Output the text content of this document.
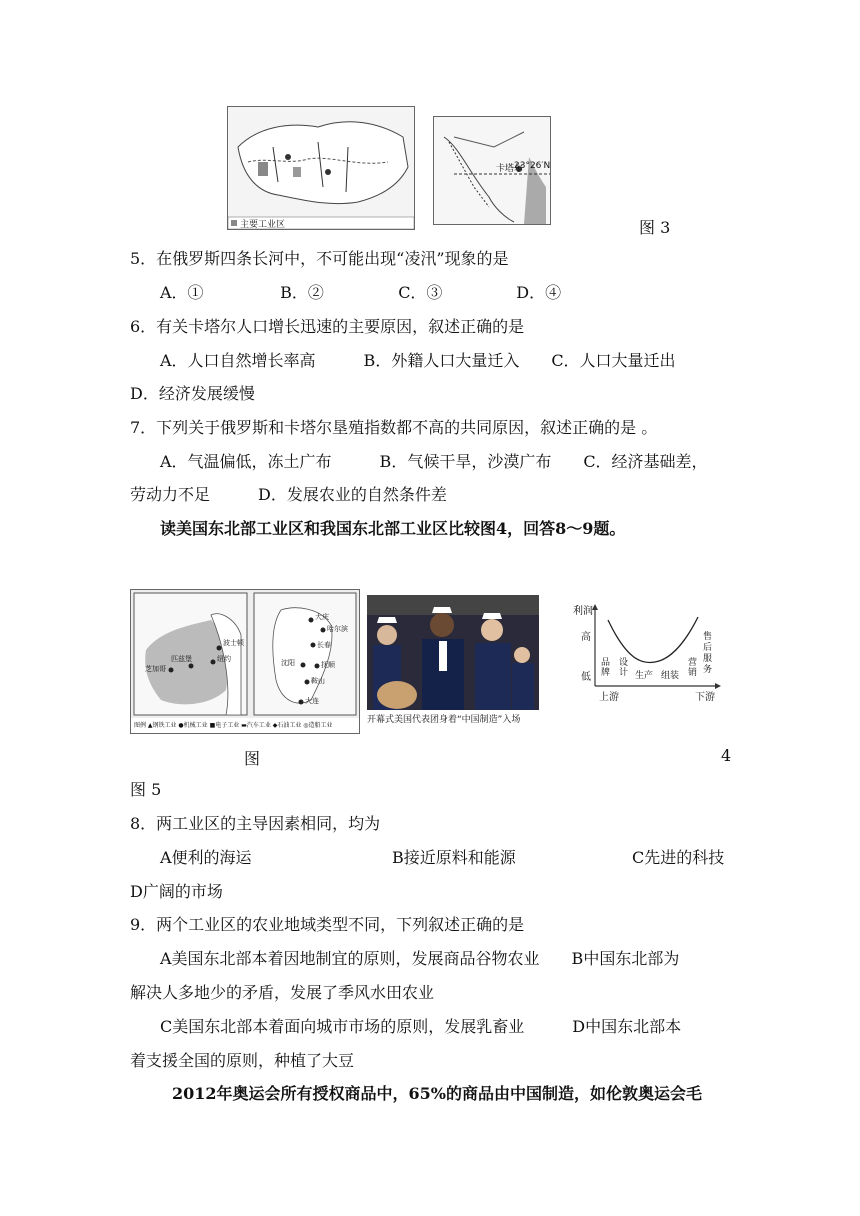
主要工业区
卡塔尔
23°26′N
图 3
5．在俄罗斯四条长河中，不可能出现“凌汛”现象的是
A．①	B．②	C．③	D．④
6．有关卡塔尔人口增长迅速的主要原因，叙述正确的是
A．人口自然增长率高　　　B．外籍人口大量迁入　　C．人口大量迁出
D．经济发展缓慢
7．下列关于俄罗斯和卡塔尔垦殖指数都不高的共同原因，叙述正确的是 。
A．气温偏低，冻土广布　　　B．气候干旱，沙漠广布　　C．经济基础差，
劳动力不足　　　D．发展农业的自然条件差
读美国东北部工业区和我国东北部工业区比较图4，回答8～9题。
波士顿
纽约
芝加哥
匹兹堡
大庆
哈尔滨
长春
沈阳	抚顺
鞍山
大连
图例 ▲钢铁工业 ●机械工业 ■电子工业 ▬汽车工业 ◆石油工业 ◎造船工业
开幕式美国代表团身着“中国制造”入场
利润
高
低
品牌
设计 生产 组装
营销
售后服务
上游	下游
图	4
图 5
8．两工业区的主导因素相同，均为
A便利的海运	B接近原料和能源	C先进的科技
D广阔的市场
9．两个工业区的农业地域类型不同，下列叙述正确的是
A美国东北部本着因地制宜的原则，发展商品谷物农业　　B中国东北部为
解决人多地少的矛盾，发展了季风水田农业
C美国东北部本着面向城市市场的原则，发展乳畜业　　　D中国东北部本
着支援全国的原则，种植了大豆
2012年奥运会所有授权商品中，65%的商品由中国制造，如伦敦奥运会毛
